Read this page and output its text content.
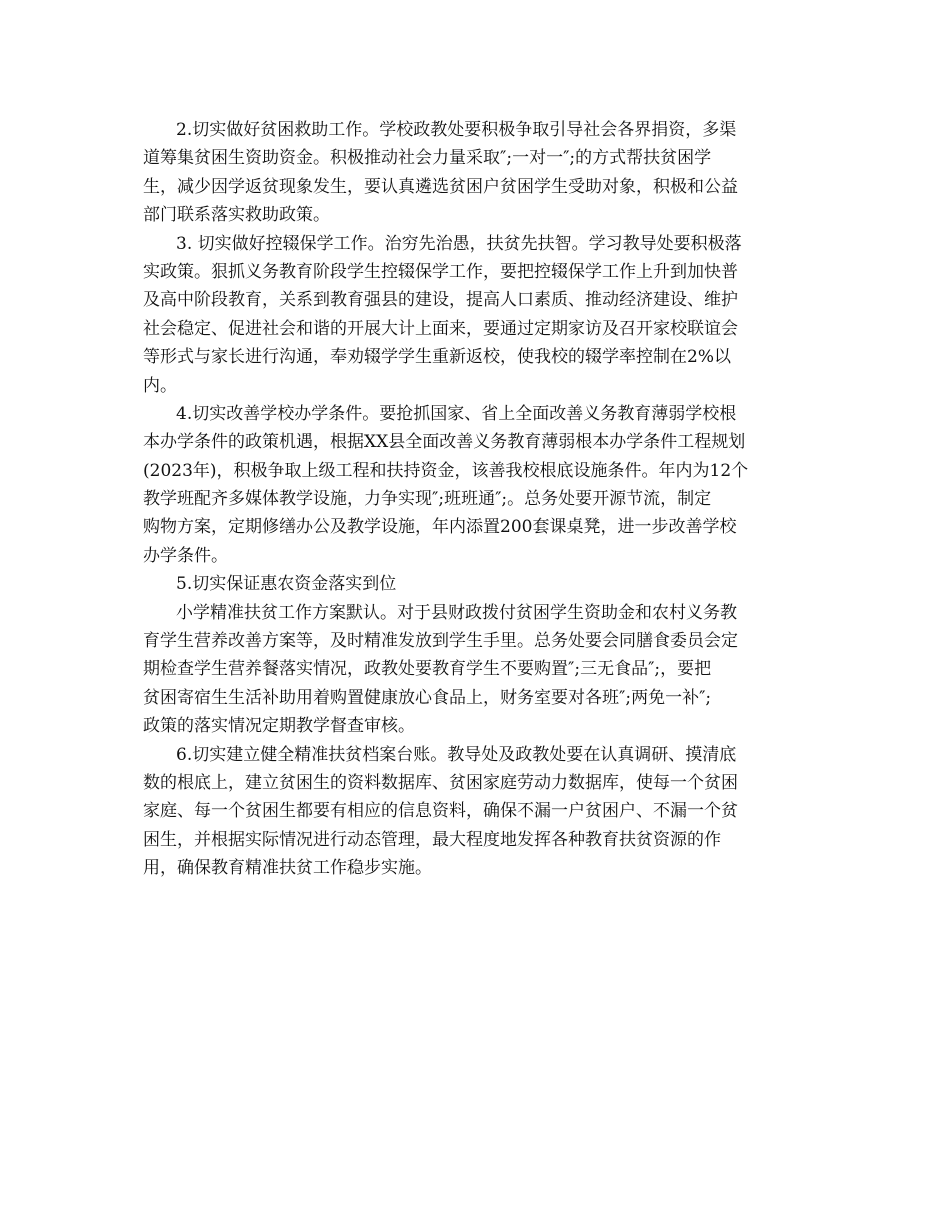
2.切实做好贫困救助工作。学校政教处要积极争取引导社会各界捐资，多渠
道筹集贫困生资助资金。积极推动社会力量采取″;一对一″;的方式帮扶贫困学
生，减少因学返贫现象发生，要认真遴选贫困户贫困学生受助对象，积极和公益
部门联系落实救助政策。
3. 切实做好控辍保学工作。治穷先治愚，扶贫先扶智。学习教导处要积极落
实政策。狠抓义务教育阶段学生控辍保学工作，要把控辍保学工作上升到加快普
及高中阶段教育，关系到教育强县的建设，提高人口素质、推动经济建设、维护
社会稳定、促进社会和谐的开展大计上面来，要通过定期家访及召开家校联谊会
等形式与家长进行沟通，奉劝辍学学生重新返校，使我校的辍学率控制在2%以
内。
4.切实改善学校办学条件。要抢抓国家、省上全面改善义务教育薄弱学校根
本办学条件的政策机遇，根据XX县全面改善义务教育薄弱根本办学条件工程规划
(2023年)，积极争取上级工程和扶持资金，该善我校根底设施条件。年内为12个
教学班配齐多媒体教学设施，力争实现″;班班通″;。总务处要开源节流，制定
购物方案，定期修缮办公及教学设施，年内添置200套课桌凳，进一步改善学校
办学条件。
5.切实保证惠农资金落实到位
小学精准扶贫工作方案默认。对于县财政拨付贫困学生资助金和农村义务教
育学生营养改善方案等，及时精准发放到学生手里。总务处要会同膳食委员会定
期检查学生营养餐落实情况，政教处要教育学生不要购置″;三无食品″;，要把
贫困寄宿生生活补助用着购置健康放心食品上，财务室要对各班″;两免一补″;
政策的落实情况定期教学督查审核。
6.切实建立健全精准扶贫档案台账。教导处及政教处要在认真调研、摸清底
数的根底上，建立贫困生的资料数据库、贫困家庭劳动力数据库，使每一个贫困
家庭、每一个贫困生都要有相应的信息资料，确保不漏一户贫困户、不漏一个贫
困生，并根据实际情况进行动态管理，最大程度地发挥各种教育扶贫资源的作
用，确保教育精准扶贫工作稳步实施。
